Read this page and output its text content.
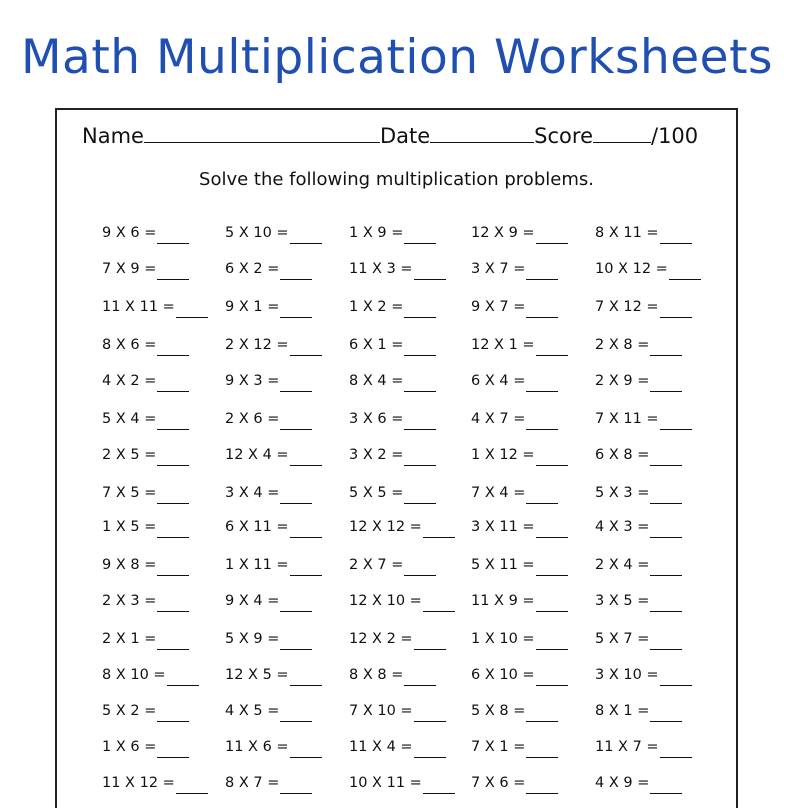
Math Multiplication Worksheets
Name	Date	Score	/100
Solve the following multiplication problems.
9 X 6 =	5 X 10 =	1 X 9 =	12 X 9 =	8 X 11 =
7 X 9 =	6 X 2 =	11 X 3 =	3 X 7 =	10 X 12 =
11 X 11 =	9 X 1 =	1 X 2 =	9 X 7 =	7 X 12 =
8 X 6 =	2 X 12 =	6 X 1 =	12 X 1 =	2 X 8 =
4 X 2 =	9 X 3 =	8 X 4 =	6 X 4 =	2 X 9 =
5 X 4 =	2 X 6 =	3 X 6 =	4 X 7 =	7 X 11 =
2 X 5 =	12 X 4 =	3 X 2 =	1 X 12 =	6 X 8 =
7 X 5 =	3 X 4 =	5 X 5 =	7 X 4 =	5 X 3 =
1 X 5 =	6 X 11 =	12 X 12 =	3 X 11 =	4 X 3 =
9 X 8 =	1 X 11 =	2 X 7 =	5 X 11 =	2 X 4 =
2 X 3 =	9 X 4 =	12 X 10 =	11 X 9 =	3 X 5 =
2 X 1 =	5 X 9 =	12 X 2 =	1 X 10 =	5 X 7 =
8 X 10 =	12 X 5 =	8 X 8 =	6 X 10 =	3 X 10 =
5 X 2 =	4 X 5 =	7 X 10 =	5 X 8 =	8 X 1 =
1 X 6 =	11 X 6 =	11 X 4 =	7 X 1 =	11 X 7 =
11 X 12 =	8 X 7 =	10 X 11 =	7 X 6 =	4 X 9 =
